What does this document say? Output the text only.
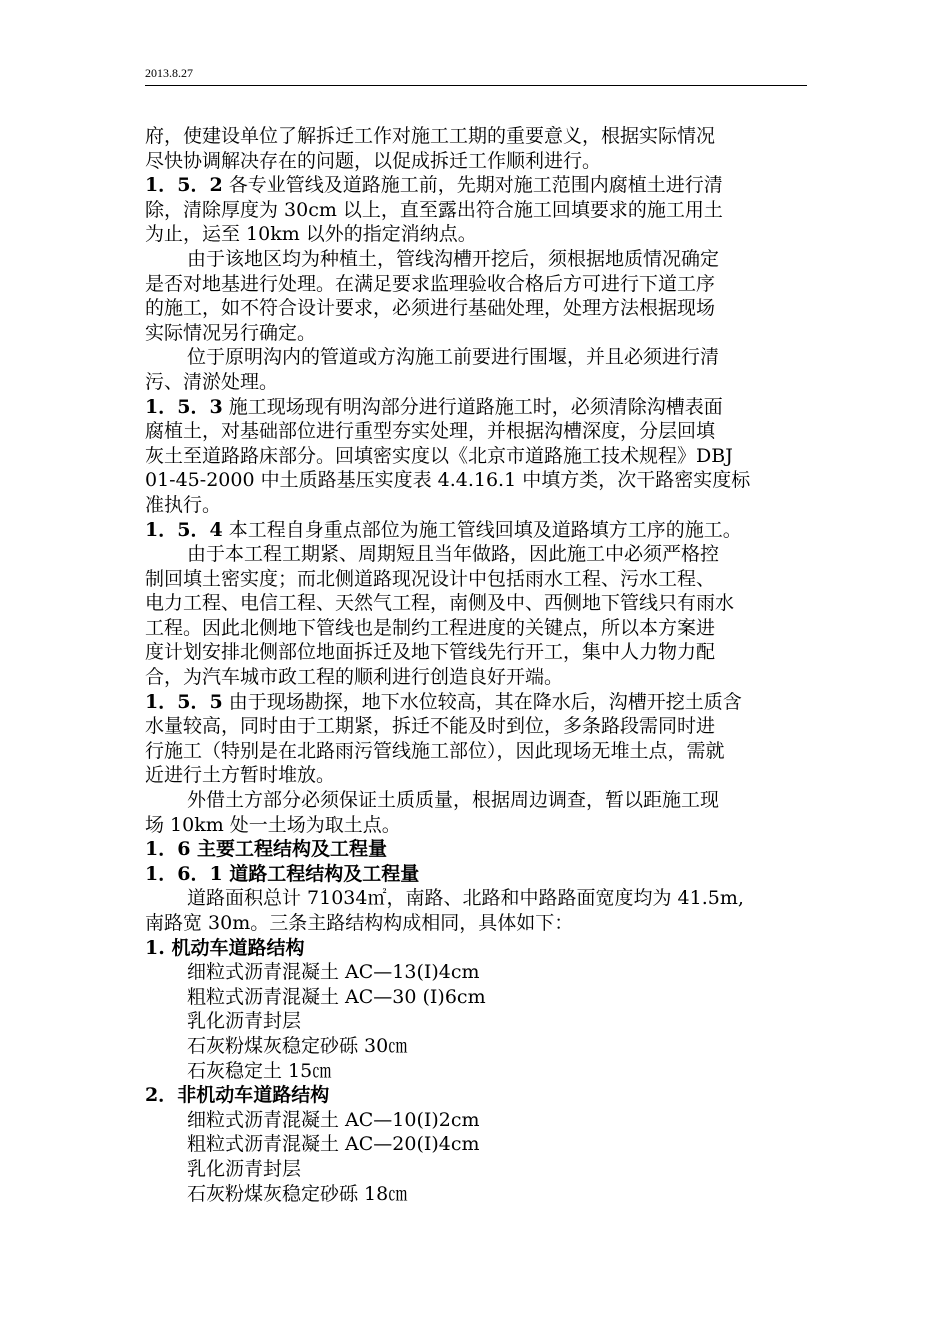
2013.8.27

府，使建设单位了解拆迁工作对施工工期的重要意义，根据实际情况

尽快协调解决存在的问题，以促成拆迁工作顺利进行。

1．5．2 各专业管线及道路施工前，先期对施工范围内腐植土进行清

除，清除厚度为 30cm 以上，直至露出符合施工回填要求的施工用土

为止，运至 10km 以外的指定消纳点。

由于该地区均为种植土，管线沟槽开挖后，须根据地质情况确定

是否对地基进行处理。在满足要求监理验收合格后方可进行下道工序

的施工，如不符合设计要求，必须进行基础处理，处理方法根据现场

实际情况另行确定。

位于原明沟内的管道或方沟施工前要进行围堰，并且必须进行清

污、清淤处理。

1．5．3 施工现场现有明沟部分进行道路施工时，必须清除沟槽表面

腐植土，对基础部位进行重型夯实处理，并根据沟槽深度，分层回填

灰土至道路路床部分。回填密实度以《北京市道路施工技术规程》DBJ

01-45-2000 中土质路基压实度表 4.4.16.1 中填方类，次干路密实度标

准执行。

1．5．4 本工程自身重点部位为施工管线回填及道路填方工序的施工。

由于本工程工期紧、周期短且当年做路，因此施工中必须严格控

制回填土密实度；而北侧道路现况设计中包括雨水工程、污水工程、

电力工程、电信工程、天然气工程，南侧及中、西侧地下管线只有雨水

工程。因此北侧地下管线也是制约工程进度的关键点，所以本方案进

度计划安排北侧部位地面拆迁及地下管线先行开工，集中人力物力配

合，为汽车城市政工程的顺利进行创造良好开端。

1．5．5 由于现场勘探，地下水位较高，其在降水后，沟槽开挖土质含

水量较高，同时由于工期紧，拆迁不能及时到位，多条路段需同时进

行施工（特别是在北路雨污管线施工部位），因此现场无堆土点，需就

近进行土方暂时堆放。

外借土方部分必须保证土质质量，根据周边调查，暂以距施工现

场 10km 处一土场为取土点。

1．6 主要工程结构及工程量

1．6．1 道路工程结构及工程量

道路面积总计 71034㎡，南路、北路和中路路面宽度均为 41.5m,

南路宽 30m。三条主路结构构成相同，具体如下：

1. 机动车道路结构

细粒式沥青混凝土 AC—13(Ⅰ)4cm

粗粒式沥青混凝土 AC—30 (Ⅰ)6cm

乳化沥青封层

石灰粉煤灰稳定砂砾 30㎝

石灰稳定土 15㎝

2．非机动车道路结构

细粒式沥青混凝土 AC—10(Ⅰ)2cm

粗粒式沥青混凝土 AC—20(Ⅰ)4cm

乳化沥青封层

石灰粉煤灰稳定砂砾 18㎝
